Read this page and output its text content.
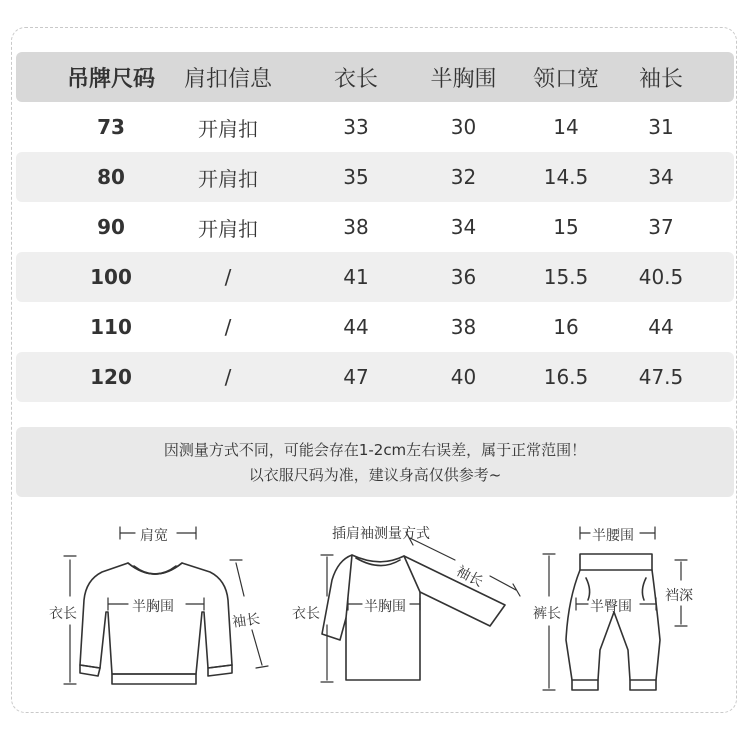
吊牌尺码	肩扣信息	衣长	半胸围	领口宽	袖长
73	开肩扣	33	30	14	31
80	开肩扣	35	32	14.5	34
90	开肩扣	38	34	15	37
100	/	41	36	15.5	40.5
110	/	44	38	16	44
120	/	47	40	16.5	47.5
因测量方式不同，可能会存在1-2cm左右误差，属于正常范围！
以衣服尺码为准，建议身高仅供参考~
肩宽
衣长	半胸围
袖长
插肩袖测量方式
袖长
衣长	半胸围
半腰围
裤长 半臀围
裆深
